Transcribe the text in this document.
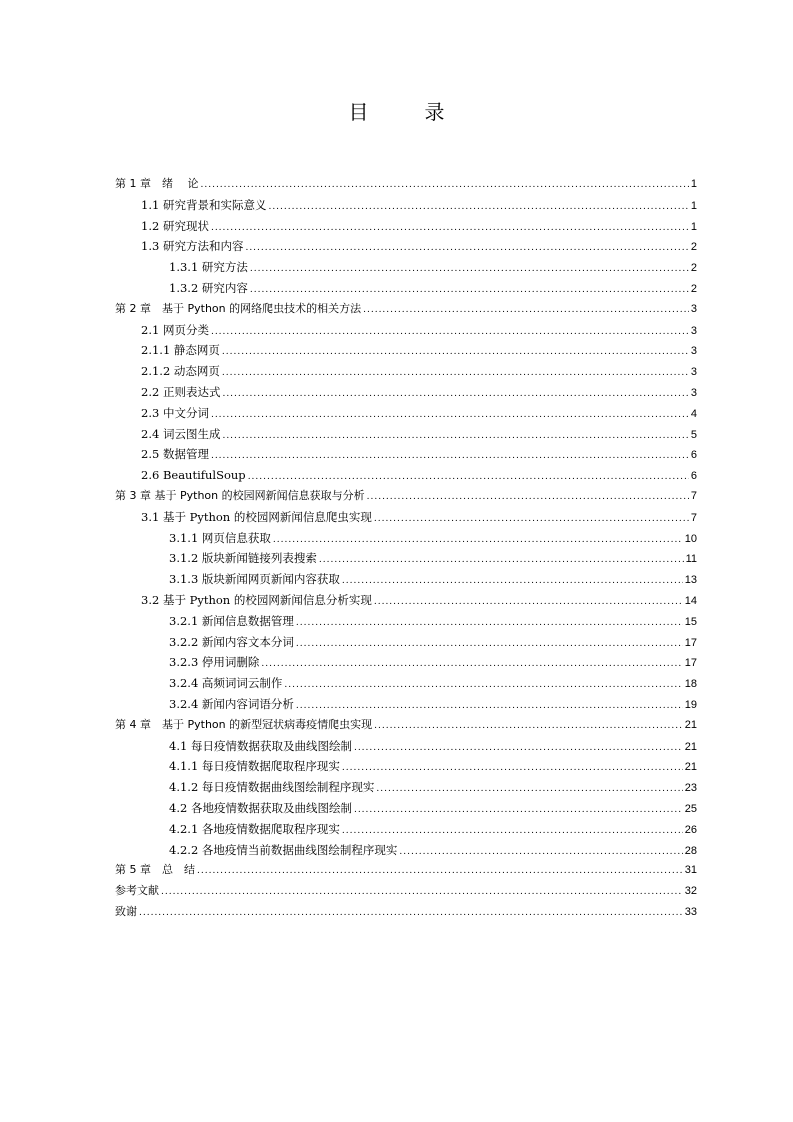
目　录
第 1 章　绪　 论 .....	1
1.1 研究背景和实际意义 .....	1
1.2 研究现状 .....	1
1.3 研究方法和内容 .....	2
1.3.1 研究方法 .....	2
1.3.2 研究内容 .....	2
第 2 章　基于 Python 的网络爬虫技术的相关方法 .....	3
2.1 网页分类 .....	3
2.1.1 静态网页 .....	3
2.1.2 动态网页 .....	3
2.2 正则表达式 .....	3
2.3 中文分词 .....	4
2.4 词云图生成 .....	5
2.5 数据管理 .....	6
2.6 BeautifulSoup .....	6
第 3 章 基于 Python 的校园网新闻信息获取与分析 .....	7
3.1 基于 Python 的校园网新闻信息爬虫实现 .....	7
3.1.1 网页信息获取 .....	10
3.1.2 版块新闻链接列表搜索 .....	11
3.1.3 版块新闻网页新闻内容获取 .....	13
3.2 基于 Python 的校园网新闻信息分析实现 .....	14
3.2.1 新闻信息数据管理 .....	15
3.2.2 新闻内容文本分词 .....	17
3.2.3 停用词删除 .....	17
3.2.4 高频词词云制作 .....	18
3.2.4 新闻内容词语分析 .....	19
第 4 章　基于 Python 的新型冠状病毒疫情爬虫实现 .....	21
4.1 每日疫情数据获取及曲线图绘制 .....	21
4.1.1 每日疫情数据爬取程序现实 .....	21
4.1.2 每日疫情数据曲线图绘制程序现实 .....	23
4.2 各地疫情数据获取及曲线图绘制 .....	25
4.2.1 各地疫情数据爬取程序现实 .....	26
4.2.2 各地疫情当前数据曲线图绘制程序现实 .....	28
第 5 章　总　结 .....	31
参考文献 .....	32
致谢 .....	33
